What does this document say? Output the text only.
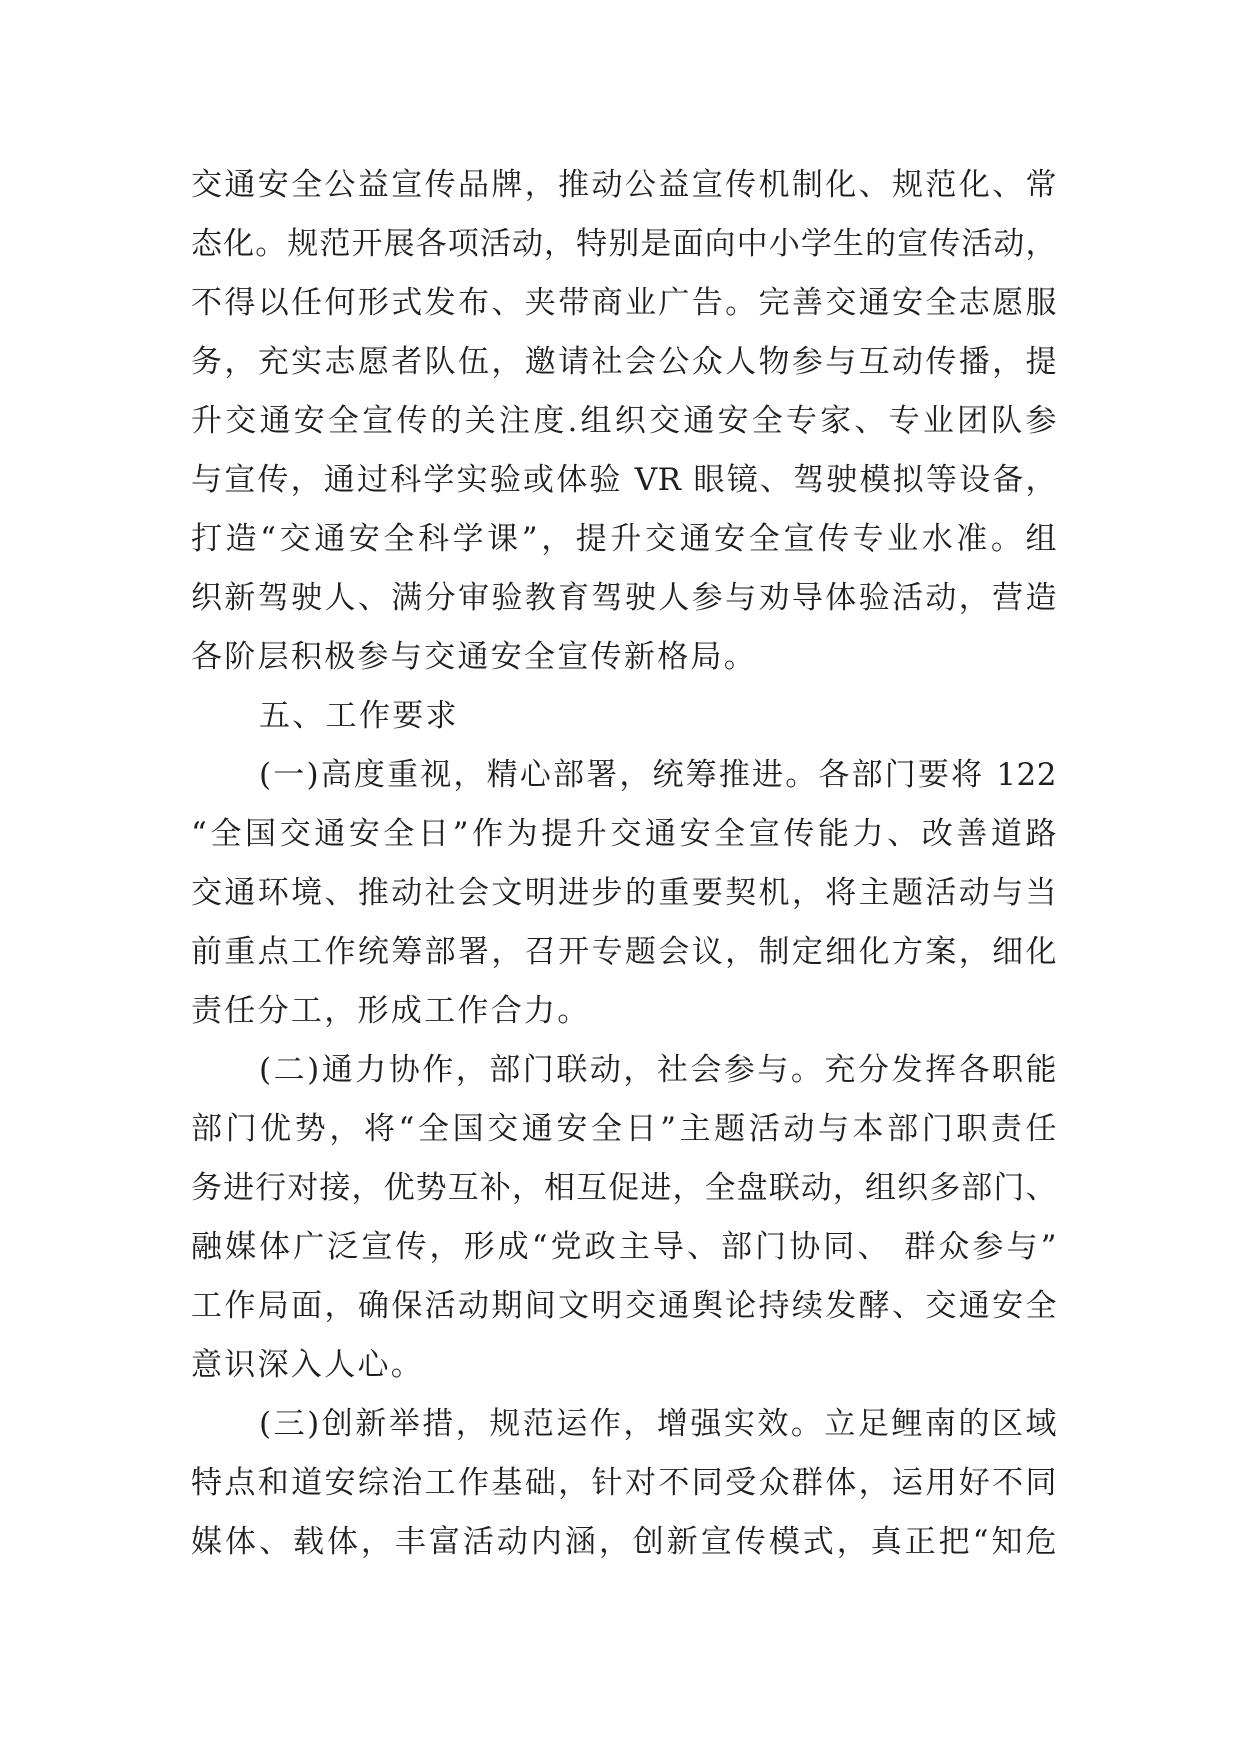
交通安全公益宣传品牌，推动公益宣传机制化、规范化、常
态化。规范开展各项活动，特别是面向中小学生的宣传活动，
不得以任何形式发布、夹带商业广告。完善交通安全志愿服
务，充实志愿者队伍，邀请社会公众人物参与互动传播，提
升交通安全宣传的关注度.组织交通安全专家、专业团队参
与宣传，通过科学实验或体验 VR 眼镜、驾驶模拟等设备，
打造“交通安全科学课”，提升交通安全宣传专业水准。组
织新驾驶人、满分审验教育驾驶人参与劝导体验活动，营造
各阶层积极参与交通安全宣传新格局。
五、工作要求
(一)高度重视，精心部署，统筹推进。各部门要将 122
“全国交通安全日”作为提升交通安全宣传能力、改善道路
交通环境、推动社会文明进步的重要契机，将主题活动与当
前重点工作统筹部署，召开专题会议，制定细化方案，细化
责任分工，形成工作合力。
(二)通力协作，部门联动，社会参与。充分发挥各职能
部门优势，将“全国交通安全日”主题活动与本部门职责任
务进行对接，优势互补，相互促进，全盘联动，组织多部门、
融媒体广泛宣传，形成“党政主导、部门协同、 群众参与”
工作局面，确保活动期间文明交通舆论持续发酵、交通安全
意识深入人心。
(三)创新举措，规范运作，增强实效。立足鲤南的区域
特点和道安综治工作基础，针对不同受众群体，运用好不同
媒体、载体，丰富活动内涵，创新宣传模式，真正把“知危
